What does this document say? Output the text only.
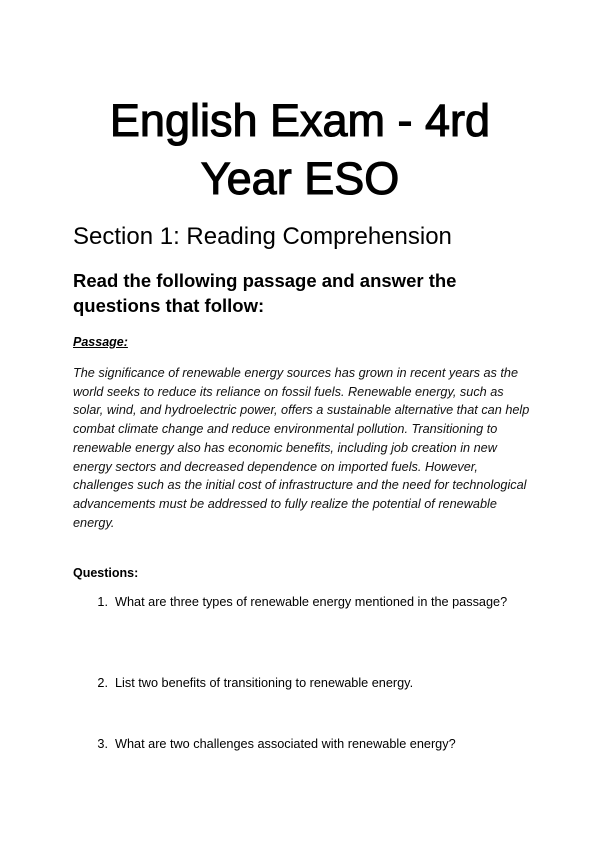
English Exam - 4rd Year ESO
Section 1: Reading Comprehension
Read the following passage and answer the questions that follow:

Passage:

The significance of renewable energy sources has grown in recent years as the world seeks to reduce its reliance on fossil fuels. Renewable energy, such as solar, wind, and hydroelectric power, offers a sustainable alternative that can help combat climate change and reduce environmental pollution. Transitioning to renewable energy also has economic benefits, including job creation in new energy sectors and decreased dependence on imported fuels. However, challenges such as the initial cost of infrastructure and the need for technological advancements must be addressed to fully realize the potential of renewable energy.

Questions:

1. What are three types of renewable energy mentioned in the passage?
2. List two benefits of transitioning to renewable energy.
3. What are two challenges associated with renewable energy?
